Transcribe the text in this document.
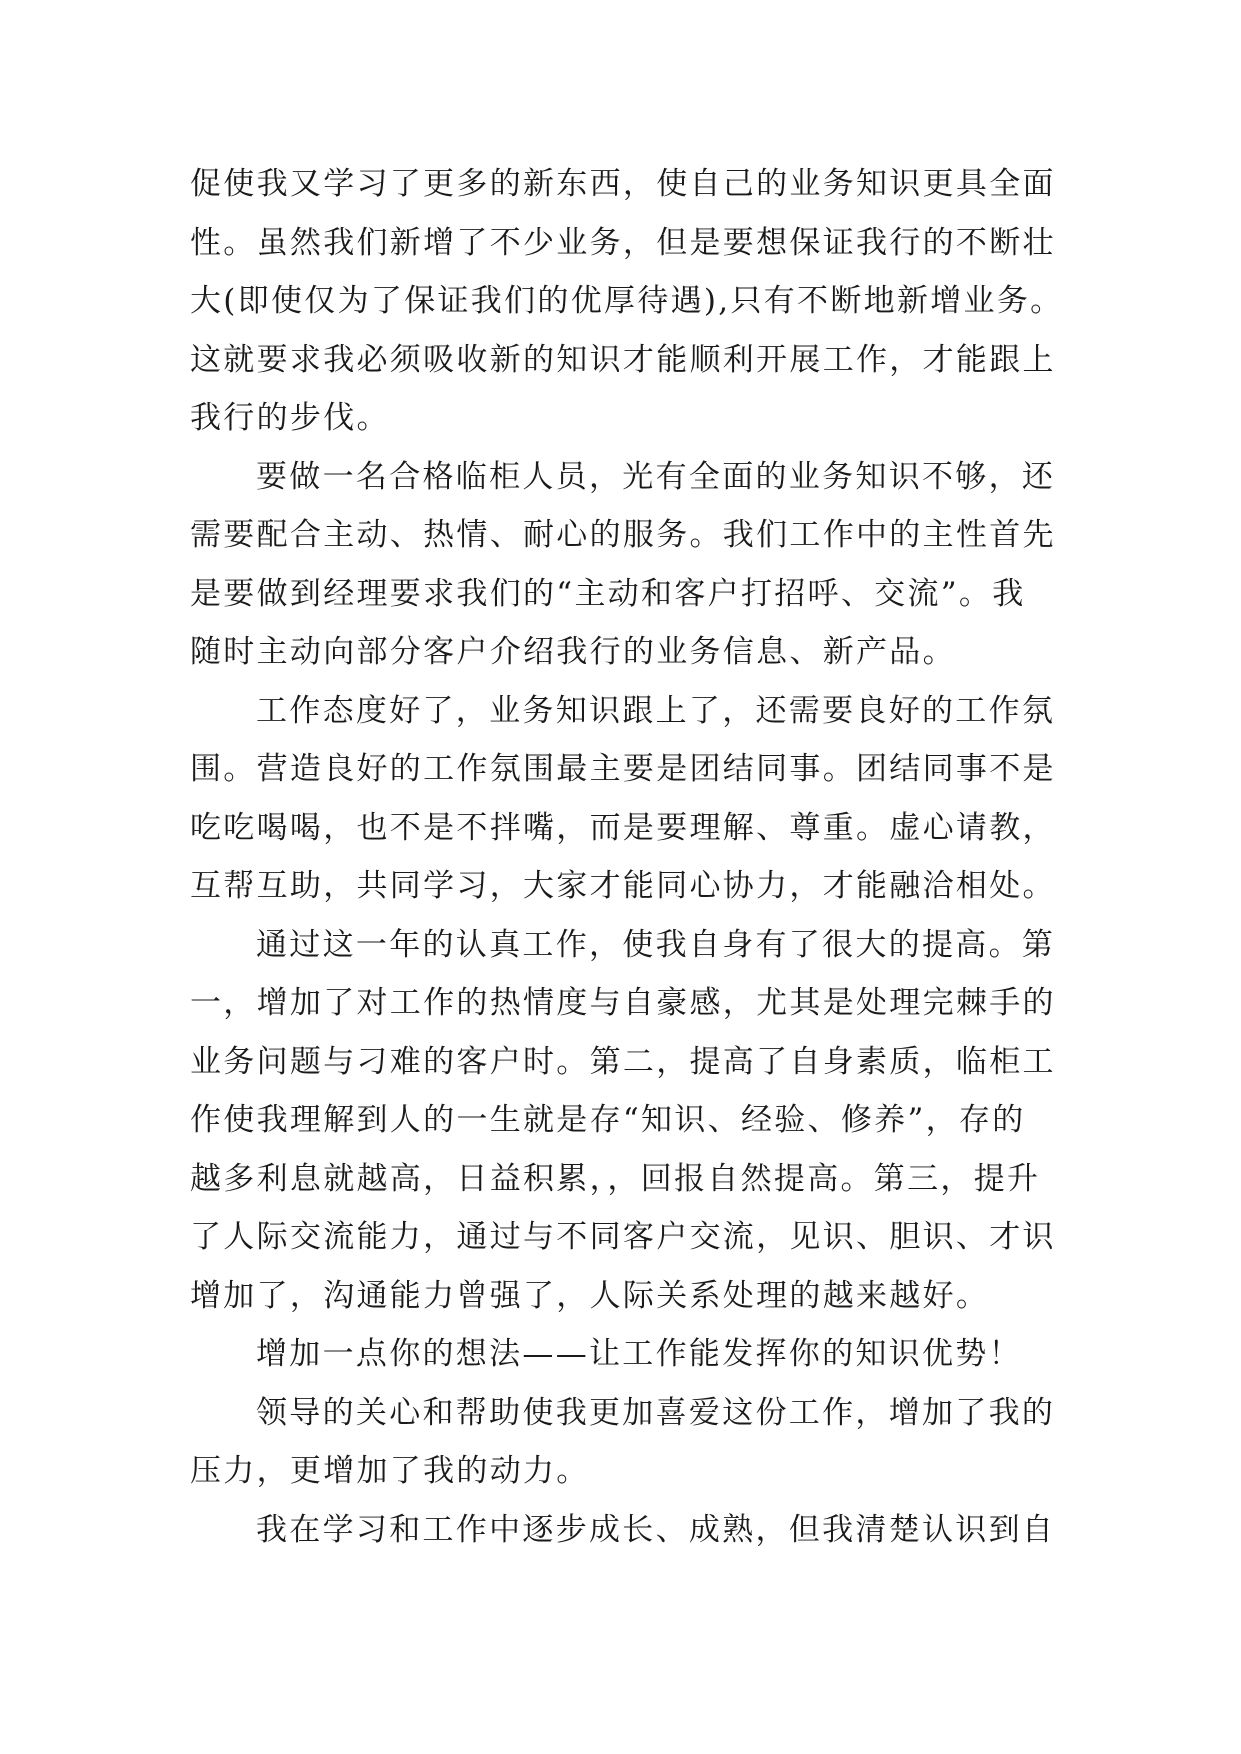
促使我又学习了更多的新东西，使自己的业务知识更具全面
性。虽然我们新增了不少业务，但是要想保证我行的不断壮
大(即使仅为了保证我们的优厚待遇),只有不断地新增业务。
这就要求我必须吸收新的知识才能顺利开展工作，才能跟上
我行的步伐。
要做一名合格临柜人员，光有全面的业务知识不够，还
需要配合主动、热情、耐心的服务。我们工作中的主性首先
是要做到经理要求我们的“主动和客户打招呼、交流”。我
随时主动向部分客户介绍我行的业务信息、新产品。
工作态度好了，业务知识跟上了，还需要良好的工作氛
围。营造良好的工作氛围最主要是团结同事。团结同事不是
吃吃喝喝，也不是不拌嘴，而是要理解、尊重。虚心请教，
互帮互助，共同学习，大家才能同心协力，才能融洽相处。
通过这一年的认真工作，使我自身有了很大的提高。第
一，增加了对工作的热情度与自豪感，尤其是处理完棘手的
业务问题与刁难的客户时。第二，提高了自身素质，临柜工
作使我理解到人的一生就是存“知识、经验、修养”，存的
越多利息就越高，日益积累，，回报自然提高。第三，提升
了人际交流能力，通过与不同客户交流，见识、胆识、才识
增加了，沟通能力曾强了，人际关系处理的越来越好。
增加一点你的想法——让工作能发挥你的知识优势！
领导的关心和帮助使我更加喜爱这份工作，增加了我的
压力，更增加了我的动力。
我在学习和工作中逐步成长、成熟，但我清楚认识到自
